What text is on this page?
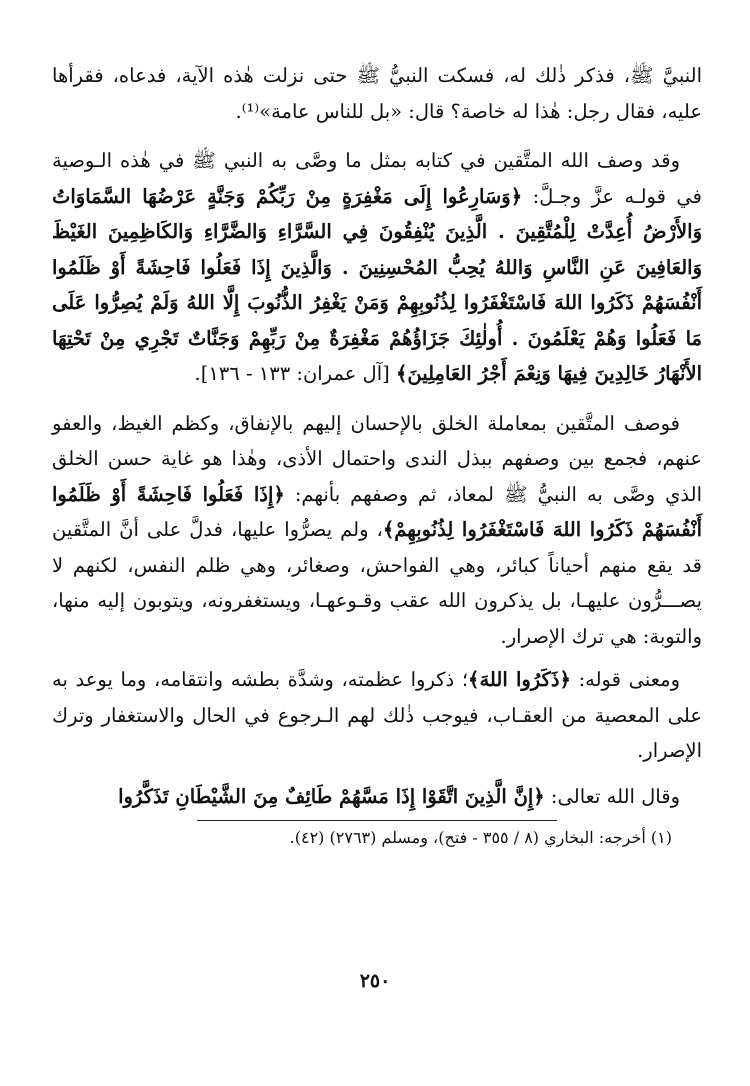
النبيَّ ﷺ، فذكر ذٰلك له، فسكت النبيُّ ﷺ حتى نزلت هٰذه الآية، فدعاه، فقرأها عليه، فقال رجل: هٰذا له خاصة؟ قال: «بل للناس عامة»⁽¹⁾.

وقد وصف الله المتَّقين في كتابه بمثل ما وصَّى به النبي ﷺ في هٰذه الـوصية في قولـه عزَّ وجـلَّ: ﴿وَسَارِعُوا إِلَى مَغْفِرَةٍ مِنْ رَبِّكُمْ وَجَنَّةٍ عَرْضُهَا السَّمَاوَاتُ وَالأَرْضُ أُعِدَّتْ لِلْمُتَّقِينَ . الَّذِينَ يُنْفِقُونَ فِي السَّرَّاءِ وَالضَّرَّاءِ وَالكَاظِمِينَ الغَيْظَ وَالعَافِينَ عَنِ النَّاسِ وَاللهُ يُحِبُّ المُحْسِنِينَ . وَالَّذِينَ إِذَا فَعَلُوا فَاحِشَةً أَوْ ظَلَمُوا أَنْفُسَهُمْ ذَكَرُوا اللهَ فَاسْتَغْفَرُوا لِذُنُوبِهِمْ وَمَنْ يَغْفِرُ الذُّنُوبَ إِلَّا اللهُ وَلَمْ يُصِرُّوا عَلَى مَا فَعَلُوا وَهُمْ يَعْلَمُونَ . أُولٰئِكَ جَزَاؤُهُمْ مَغْفِرَةٌ مِنْ رَبِّهِمْ وَجَنَّاتٌ تَجْرِي مِنْ تَحْتِهَا الأَنْهَارُ خَالِدِينَ فِيهَا وَنِعْمَ أَجْرُ العَامِلِينَ﴾ [آل عمران: ١٣٣ - ١٣٦].

فوصف المتَّقين بمعاملة الخلق بالإحسان إليهم بالإنفاق، وكظم الغيظ، والعفو عنهم، فجمع بين وصفهم ببذل الندى واحتمال الأذى، وهٰذا هو غاية حسن الخلق الذي وصَّى به النبيُّ ﷺ لمعاذ، ثم وصفهم بأنهم: ﴿إِذَا فَعَلُوا فَاحِشَةً أَوْ ظَلَمُوا أَنْفُسَهُمْ ذَكَرُوا اللهَ فَاسْتَغْفَرُوا لِذُنُوبِهِمْ﴾، ولم يصرُّوا عليها، فدلَّ على أنَّ المتَّقين قد يقع منهم أحياناً كبائر، وهي الفواحش، وصغائر، وهي ظلم النفس، لكنهم لا يصـــرُّون عليهـا، بل يذكرون الله عقب وقـوعهـا، ويستغفرونه، ويتوبون إليه منها، والتوبة: هي ترك الإصرار.

ومعنى قوله: ﴿ذَكَرُوا اللهَ﴾؛ ذكروا عظمته، وشدَّة بطشه وانتقامه، وما يوعد به على المعصية من العقـاب، فيوجب ذٰلك لهم الـرجوع في الحال والاستغفار وترك الإصرار.

وقال الله تعالى: ﴿إِنَّ الَّذِينَ اتَّقَوْا إِذَا مَسَّهُمْ طَائِفٌ مِنَ الشَّيْطَانِ تَذَكَّرُوا

(١) أخرجه: البخاري (٨ / ٣٥٥ - فتح)، ومسلم (٢٧٦٣) (٤٢).

٢٥٠
